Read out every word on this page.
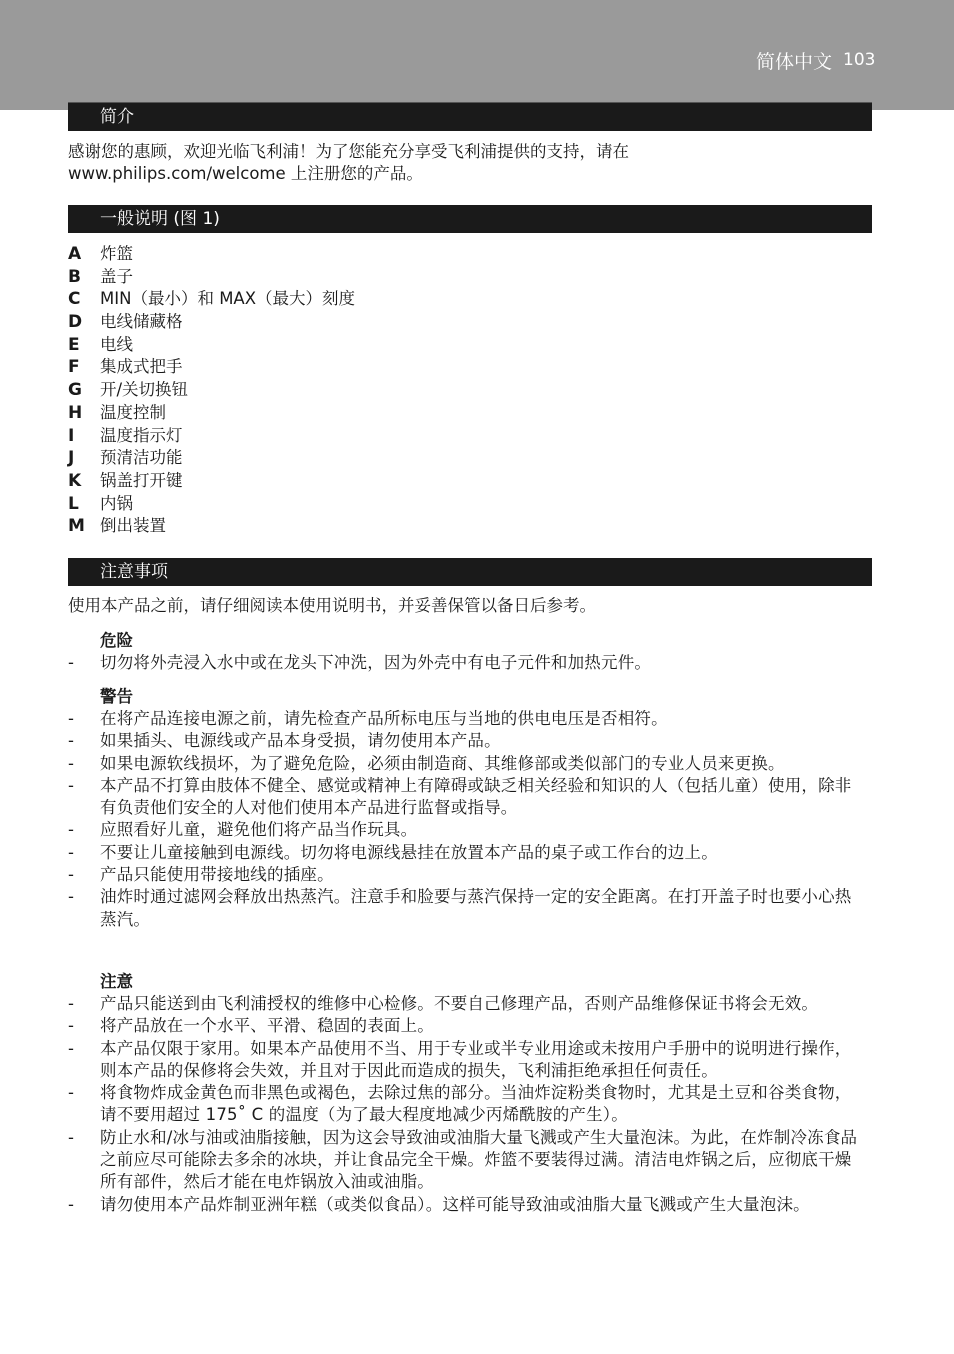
简体中文 103
简介

感谢您的惠顾，欢迎光临飞利浦！为了您能充分享受飞利浦提供的支持，请在
www.philips.com/welcome 上注册您的产品。

一般说明 (图 1)
A	炸篮
B	盖子
C	MIN（最小）和 MAX（最大）刻度
D	电线储藏格
E	电线
F	集成式把手
G	开/关切换钮
H	温度控制
I	温度指示灯
J	预清洁功能
K	锅盖打开键
L	内锅
M 倒出装置
注意事项

使用本产品之前，请仔细阅读本使用说明书，并妥善保管以备日后参考。

危险
-	切勿将外壳浸入水中或在龙头下冲洗，因为外壳中有电子元件和加热元件。
警告
-	在将产品连接电源之前，请先检查产品所标电压与当地的供电电压是否相符。
-	如果插头、电源线或产品本身受损，请勿使用本产品。
-	如果电源软线损坏，为了避免危险，必须由制造商、其维修部或类似部门的专业人员来更换。
-	本产品不打算由肢体不健全、感觉或精神上有障碍或缺乏相关经验和知识的人（包括儿童）使用，除非有负责他们安全的人对他们使用本产品进行监督或指导。
-	应照看好儿童，避免他们将产品当作玩具。
-	不要让儿童接触到电源线。切勿将电源线悬挂在放置本产品的桌子或工作台的边上。
-	产品只能使用带接地线的插座。
-	油炸时通过滤网会释放出热蒸汽。注意手和脸要与蒸汽保持一定的安全距离。在打开盖子时也要小心热蒸汽。
注意
-	产品只能送到由飞利浦授权的维修中心检修。不要自己修理产品，否则产品维修保证书将会无效。
-	将产品放在一个水平、平滑、稳固的表面上。
-	本产品仅限于家用。如果本产品使用不当、用于专业或半专业用途或未按用户手册中的说明进行操作，则本产品的保修将会失效，并且对于因此而造成的损失，飞利浦拒绝承担任何责任。
-	将食物炸成金黄色而非黑色或褐色，去除过焦的部分。当油炸淀粉类食物时，尤其是土豆和谷类食物，请不要用超过 175˚ C 的温度（为了最大程度地减少丙烯酰胺的产生）。
-	防止水和/冰与油或油脂接触，因为这会导致油或油脂大量飞溅或产生大量泡沫。为此，在炸制冷冻食品之前应尽可能除去多余的冰块，并让食品完全干燥。炸篮不要装得过满。清洁电炸锅之后，应彻底干燥所有部件，然后才能在电炸锅放入油或油脂。
-	请勿使用本产品炸制亚洲年糕（或类似食品）。这样可能导致油或油脂大量飞溅或产生大量泡沫。
